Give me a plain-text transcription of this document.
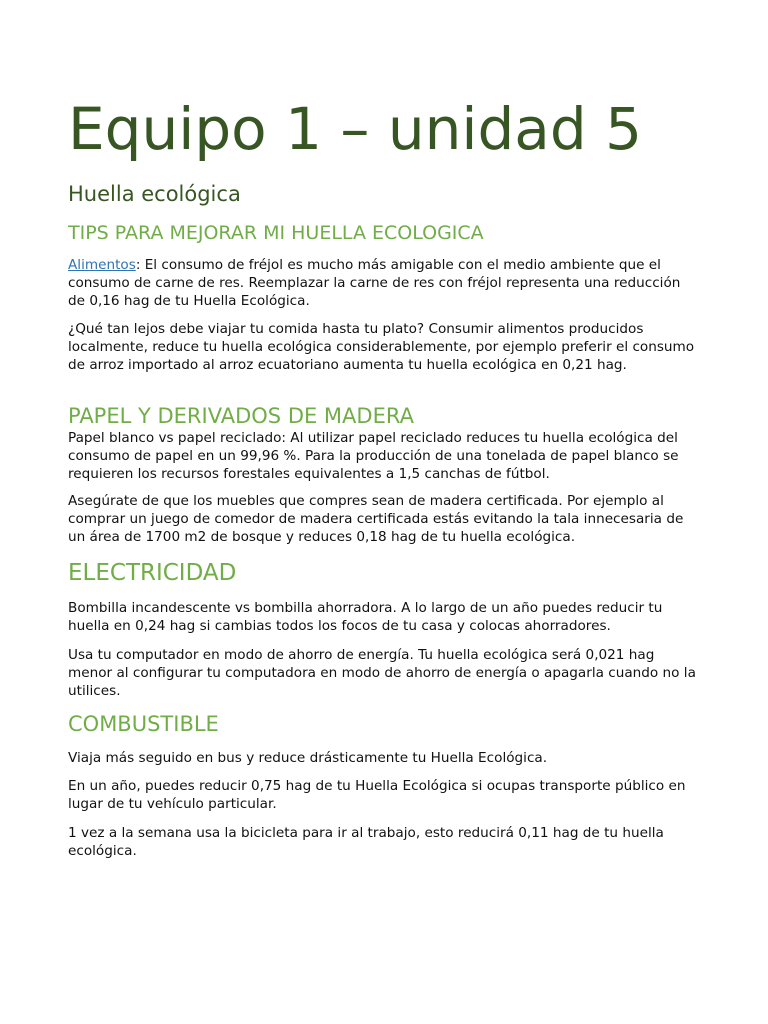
Equipo 1 – unidad 5
Huella ecológica
TIPS PARA MEJORAR MI HUELLA ECOLOGICA

Alimentos: El consumo de fréjol es mucho más amigable con el medio ambiente que el consumo de carne de res. Reemplazar la carne de res con fréjol representa una reducción de 0,16 hag de tu Huella Ecológica.

¿Qué tan lejos debe viajar tu comida hasta tu plato? Consumir alimentos producidos localmente, reduce tu huella ecológica considerablemente, por ejemplo preferir el consumo de arroz importado al arroz ecuatoriano aumenta tu huella ecológica en 0,21 hag.

PAPEL Y DERIVADOS DE MADERA

Papel blanco vs papel reciclado: Al utilizar papel reciclado reduces tu huella ecológica del consumo de papel en un 99,96 %. Para la producción de una tonelada de papel blanco se requieren los recursos forestales equivalentes a 1,5 canchas de fútbol.

Asegúrate de que los muebles que compres sean de madera certificada. Por ejemplo al comprar un juego de comedor de madera certificada estás evitando la tala innecesaria de un área de 1700 m2 de bosque y reduces 0,18 hag de tu huella ecológica.

ELECTRICIDAD

Bombilla incandescente vs bombilla ahorradora. A lo largo de un año puedes reducir tu huella en 0,24 hag si cambias todos los focos de tu casa y colocas ahorradores.

Usa tu computador en modo de ahorro de energía. Tu huella ecológica será 0,021 hag menor al configurar tu computadora en modo de ahorro de energía o apagarla cuando no la utilices.

COMBUSTIBLE

Viaja más seguido en bus y reduce drásticamente tu Huella Ecológica.

En un año, puedes reducir 0,75 hag de tu Huella Ecológica si ocupas transporte público en lugar de tu vehículo particular.

1 vez a la semana usa la bicicleta para ir al trabajo, esto reducirá 0,11 hag de tu huella ecológica.
